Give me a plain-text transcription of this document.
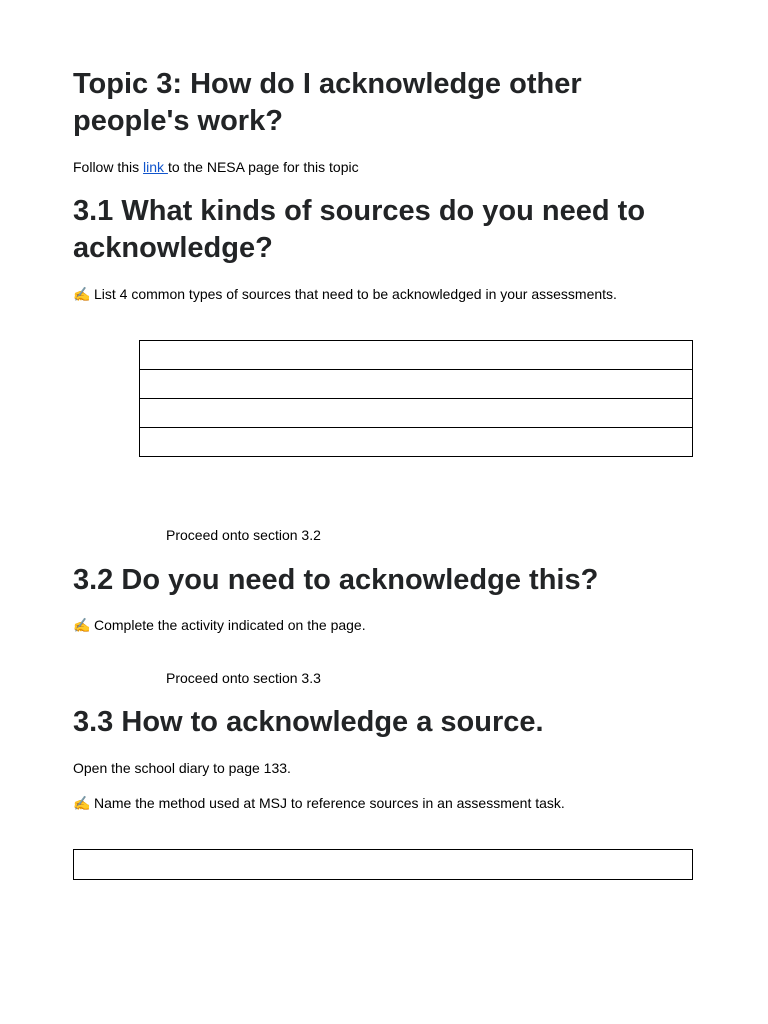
Topic 3: How do I acknowledge other people's work?

Follow this link to the NESA page for this topic

3.1 What kinds of sources do you need to acknowledge?

✍ List 4 common types of sources that need to be acknowledged in your assessments.

Proceed onto section 3.2

3.2 Do you need to acknowledge this?

✍ Complete the activity indicated on the page.

Proceed onto section 3.3

3.3 How to acknowledge a source.

Open the school diary to page 133.

✍ Name the method used at MSJ to reference sources in an assessment task.
